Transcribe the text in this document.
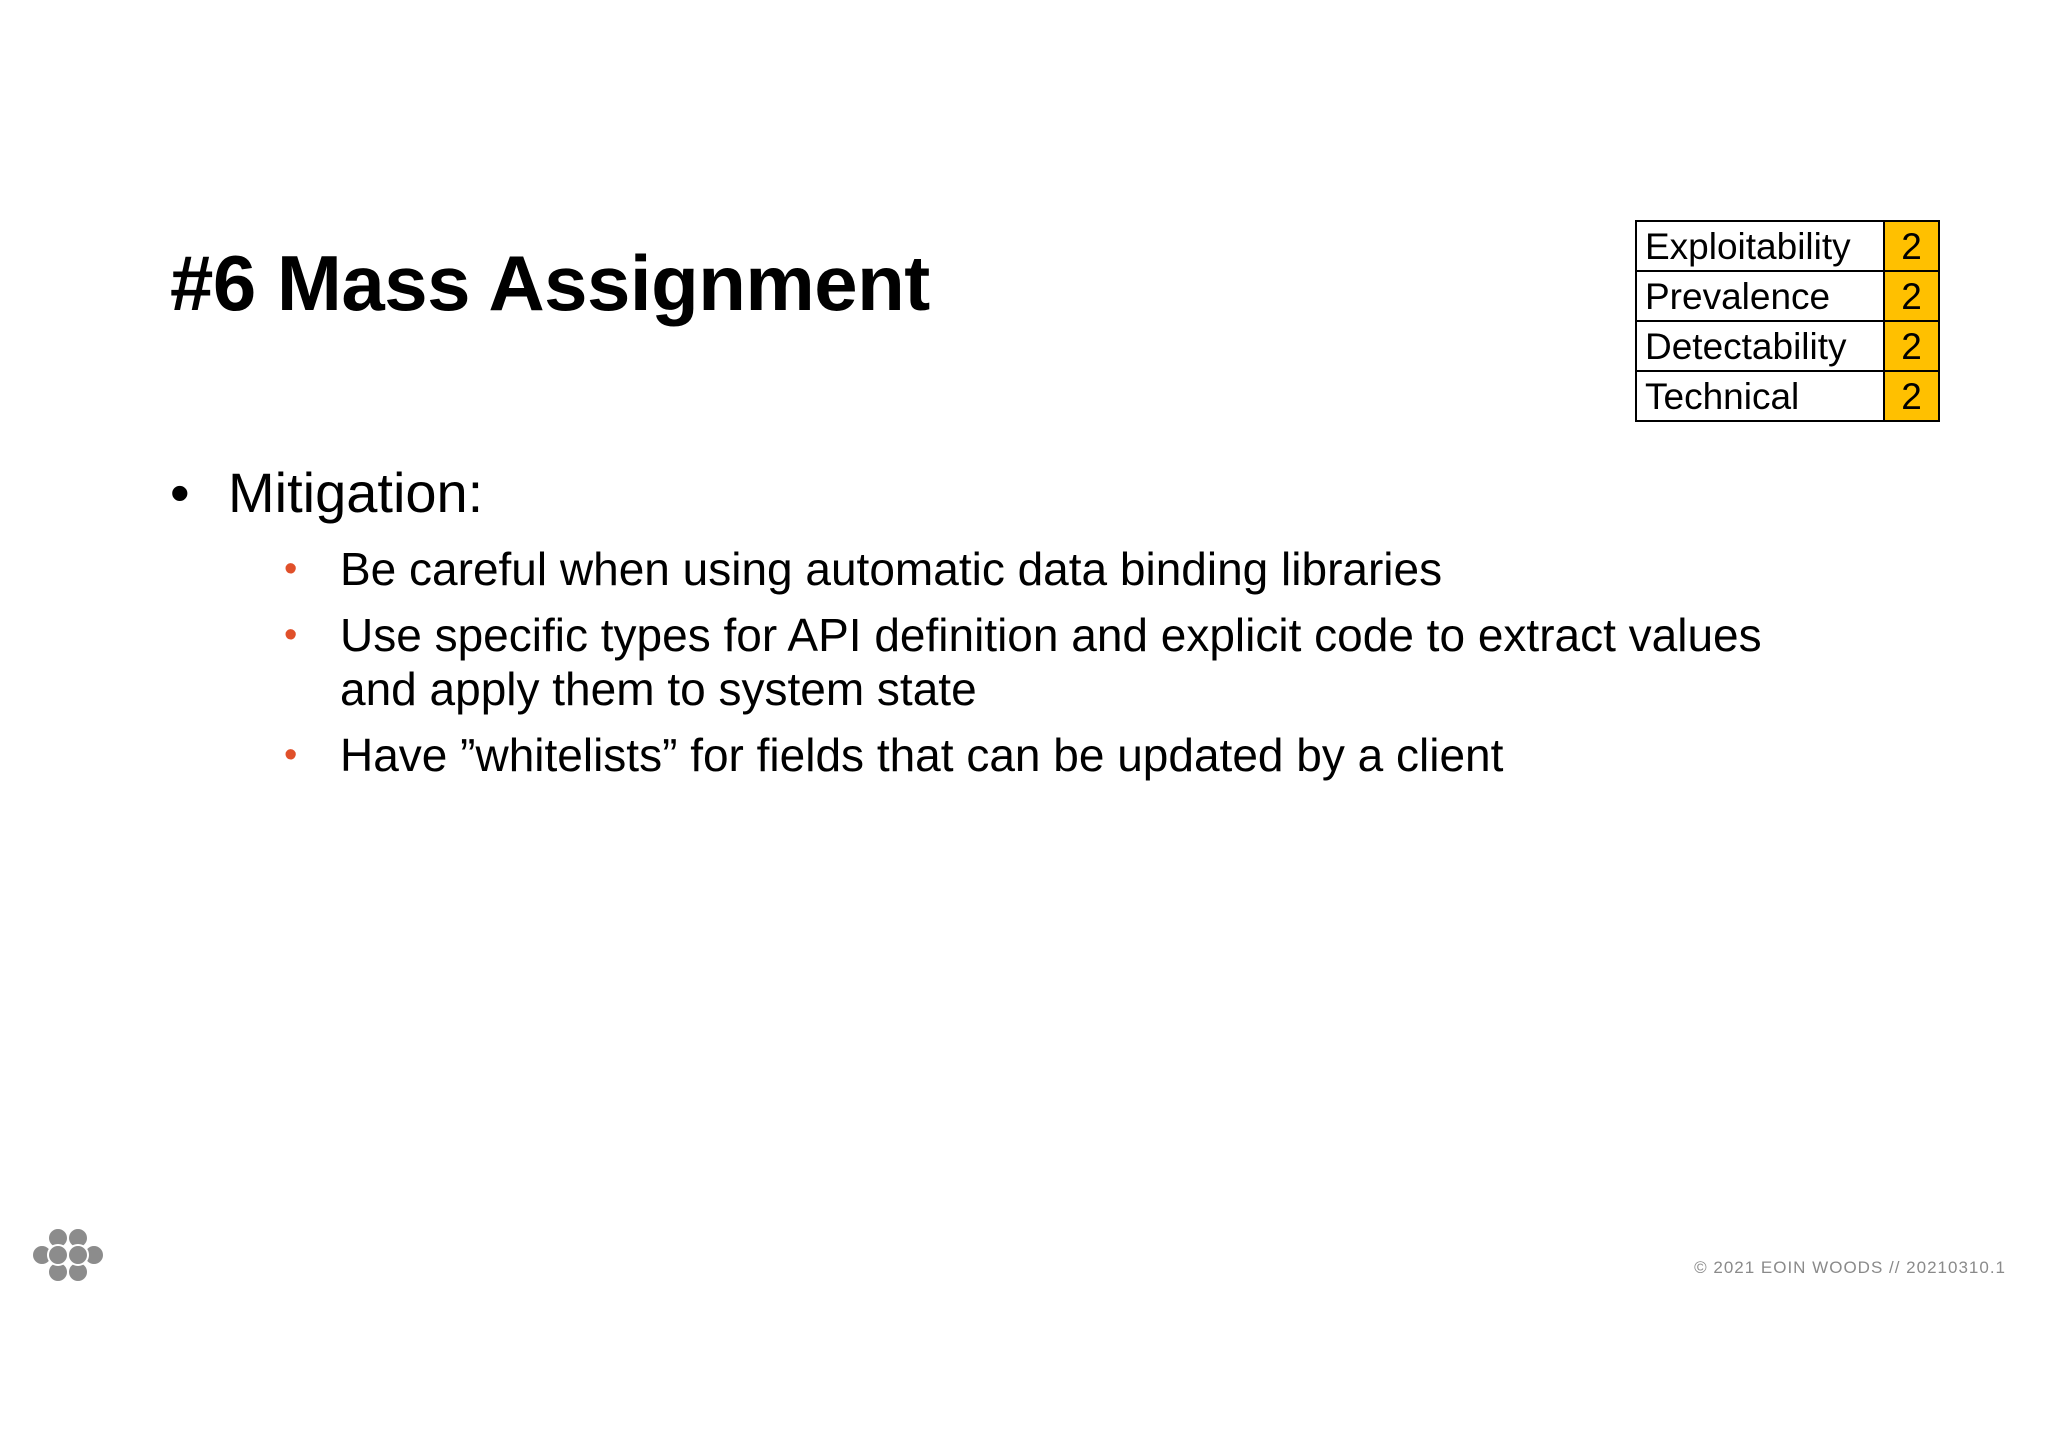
#6 Mass Assignment	Exploitability	2
Prevalence	2
Detectability	2
Technical	2
• Mitigation:
• Be careful when using automatic data binding libraries
• Use specific types for API definition and explicit code to extract values and apply them to system state
• Have ”whitelists” for fields that can be updated by a client
© 2021 EOIN WOODS // 20210310.1
